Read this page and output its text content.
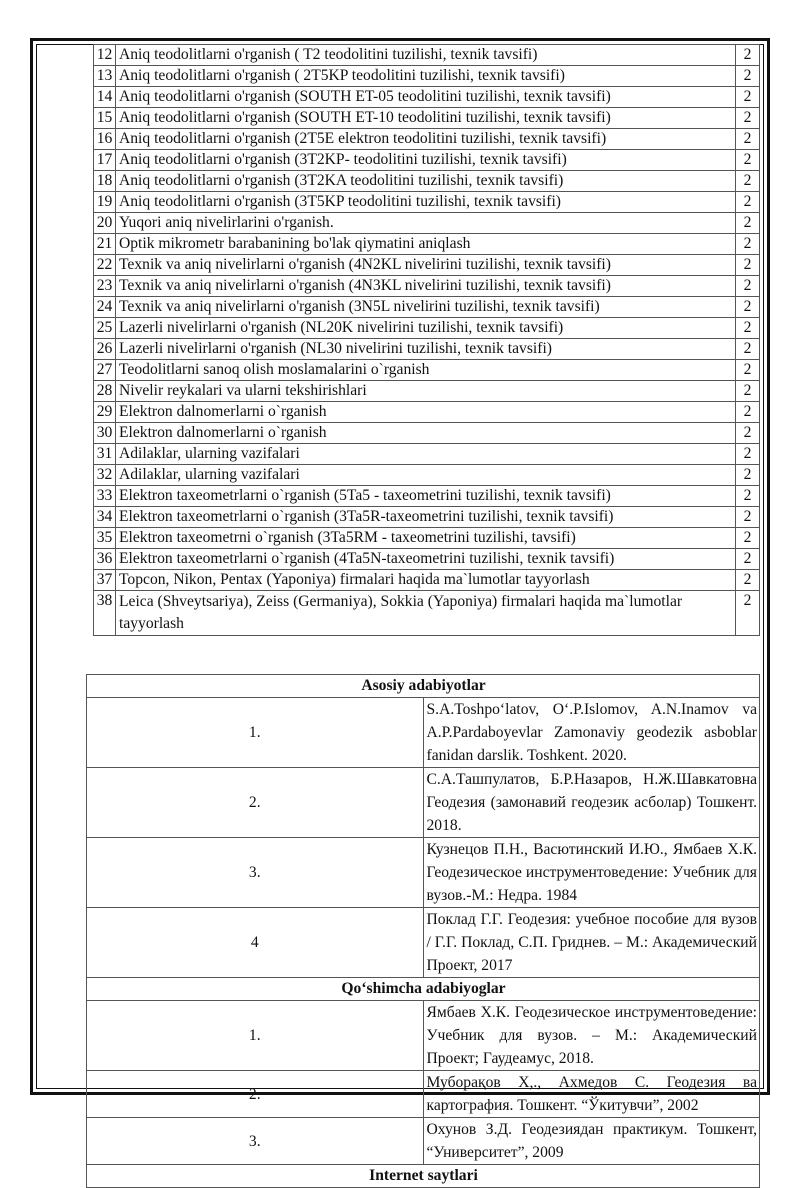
12	Aniq teodolitlarni o'rganish ( T2 teodolitini tuzilishi, texnik tavsifi)	2
13	Aniq teodolitlarni o'rganish ( 2T5KP teodolitini tuzilishi, texnik tavsifi)	2
14	Aniq teodolitlarni o'rganish (SOUTH ET-05 teodolitini tuzilishi, texnik tavsifi)	2
15	Aniq teodolitlarni o'rganish (SOUTH ET-10 teodolitini tuzilishi, texnik tavsifi)	2
16	Aniq teodolitlarni o'rganish (2T5E elektron teodolitini tuzilishi, texnik tavsifi)	2
17	Aniq teodolitlarni o'rganish (3T2KP- teodolitini tuzilishi, texnik tavsifi)	2
18	Aniq teodolitlarni o'rganish (3T2KA teodolitini tuzilishi, texnik tavsifi)	2
19	Aniq teodolitlarni o'rganish (3T5KP teodolitini tuzilishi, texnik tavsifi)	2
20	Yuqori aniq nivelirlarini o'rganish.	2
21	Optik mikrometr barabanining bo'lak qiymatini aniqlash	2
22	Texnik va aniq nivelirlarni o'rganish (4N2KL nivelirini tuzilishi, texnik tavsifi)	2
23	Texnik va aniq nivelirlarni o'rganish (4N3KL nivelirini tuzilishi, texnik tavsifi)	2
24	Texnik va aniq nivelirlarni o'rganish (3N5L nivelirini tuzilishi, texnik tavsifi)	2
25	Lazerli nivelirlarni o'rganish (NL20K nivelirini tuzilishi, texnik tavsifi)	2
26	Lazerli nivelirlarni o'rganish (NL30 nivelirini tuzilishi, texnik tavsifi)	2
27	Teodolitlarni sanoq olish moslamalarini o`rganish	2
28	Nivelir reykalari va ularni tekshirishlari	2
29	Elektron dalnomerlarni o`rganish	2
30	Elektron dalnomerlarni o`rganish	2
31	Adilaklar, ularning vazifalari	2
32	Adilaklar, ularning vazifalari	2
33	Elektron taxeometrlarni o`rganish (5Ta5 - taxeometrini tuzilishi, texnik tavsifi)	2
34	Elektron taxeometrlarni o`rganish (3Ta5R-taxeometrini tuzilishi, texnik tavsifi)	2
35	Elektron taxeometrni o`rganish (3Ta5RM - taxeometrini tuzilishi, tavsifi)	2
36	Elektron taxeometrlarni o`rganish (4Ta5N-taxeometrini tuzilishi, texnik tavsifi)	2
37	Topcon, Nikon, Pentax (Yaponiya) firmalari haqida ma`lumotlar tayyorlash	2
38	Leica (Shveytsariya), Zeiss (Germaniya), Sokkia (Yaponiya) firmalari haqida ma`lumotlar tayyorlash	2
Asosiy adabiyotlar	
1.	S.A.Toshpo‘latov, O‘.P.Islomov, A.N.Inamov va A.P.Pardaboyevlar Zamonaviy geodezik asboblar fanidan darslik. Toshkent. 2020.
2.	С.А.Ташпулатов, Б.Р.Назаров, Н.Ж.Шавкатовна Геодезия (замонавий геодезик асболар) Тошкент. 2018.
3.	Кузнецов П.Н., Васютинский И.Ю., Ямбаев Х.К. Геодезическое инструментоведение: Учебник для вузов.-М.: Недра. 1984
4	Поклад Г.Г. Геодезия: учебное пособие для вузов / Г.Г. Поклад, С.П. Гриднев. – М.: Академический Проект, 2017
Qo‘shimcha adabiyoglar	
1.	Ямбаев Х.К. Геодезическое инструментоведение: Учебник для вузов. – М.: Академический Проект; Гаудеамус, 2018.
2.	Муборақов Х,., Ахмедов С. Геодезия ва картография. Тошкент. “Ўкитувчи”, 2002
3.	Охунов З.Д. Геодезиядан практикум. Тошкент, “Университет”, 2009
Internet saytlari	
